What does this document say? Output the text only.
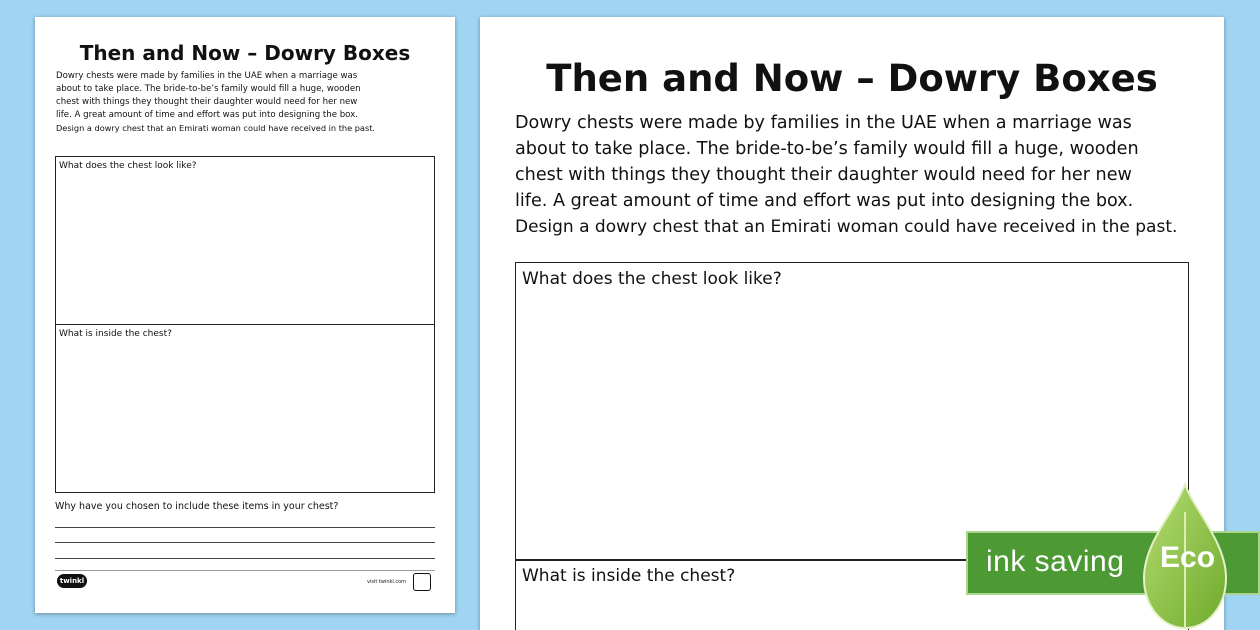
Then and Now – Dowry Boxes
Dowry chests were made by families in the UAE when a marriage was
about to take place. The bride-to-be’s family would fill a huge, wooden
chest with things they thought their daughter would need for her new
life. A great amount of time and effort was put into designing the box.
Design a dowry chest that an Emirati woman could have received in the past.
What does the chest look like?
What is inside the chest?
Why have you chosen to include these items in your chest?
twinkl	visit twinkl.com
Then and Now – Dowry Boxes
Dowry chests were made by families in the UAE when a marriage was
about to take place. The bride-to-be’s family would fill a huge, wooden
chest with things they thought their daughter would need for her new
life. A great amount of time and effort was put into designing the box.
Design a dowry chest that an Emirati woman could have received in the past.
What does the chest look like?
What is inside the chest?	ink saving Eco
